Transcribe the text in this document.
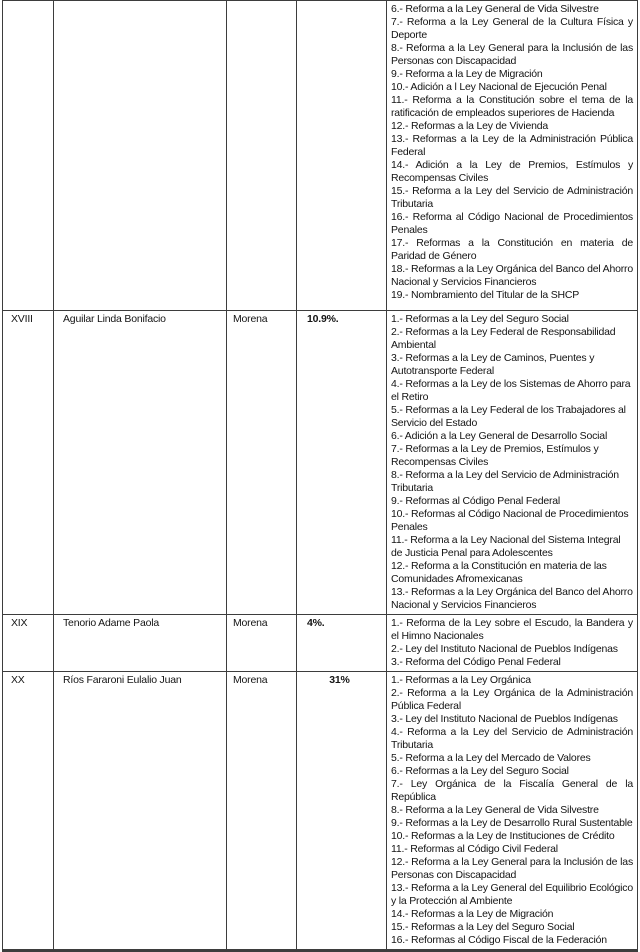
6.- Reforma a la Ley General de Vida Silvestre
7.- Reforma a la Ley General de la Cultura Física y Deporte
8.- Reforma a la Ley General para la Inclusión de las Personas con Discapacidad
9.- Reforma a la Ley de Migración
10.- Adición a l Ley Nacional de Ejecución Penal
11.- Reforma a la Constitución sobre el tema de la ratificación de empleados superiores de Hacienda
12.- Reformas a la Ley de Vivienda
13.- Reformas a la Ley de la Administración Pública Federal
14.- Adición a la Ley de Premios, Estímulos y Recompensas Civiles
15.- Reforma a la Ley del Servicio de Administración Tributaria
16.- Reforma al Código Nacional de Procedimientos Penales
17.- Reformas a la Constitución en materia de Paridad de Género
18.- Reformas a la Ley Orgánica del Banco del Ahorro Nacional y Servicios Financieros
19.- Nombramiento del Titular de la SHCP

XVIII	Aguilar Linda Bonifacio	Morena	10.9%.	1.- Reformas a la Ley del Seguro Social
2.- Reformas a la Ley Federal de Responsabilidad Ambiental
3.- Reformas a la Ley de Caminos, Puentes y Autotransporte Federal
4.- Reformas a la Ley de los Sistemas de Ahorro para el Retiro
5.- Reformas a la Ley Federal de los Trabajadores al Servicio del Estado
6.- Adición a la Ley General de Desarrollo Social
7.- Reformas a la Ley de Premios, Estímulos y Recompensas Civiles
8.- Reforma a la Ley del Servicio de Administración Tributaria
9.- Reformas al Código Penal Federal
10.- Reformas al Código Nacional de Procedimientos Penales
11.- Reforma a la Ley Nacional del Sistema Integral de Justicia Penal para Adolescentes
12.- Reforma a la Constitución en materia de las Comunidades Afromexicanas
13.- Reformas a la Ley Orgánica del Banco del Ahorro Nacional y Servicios Financieros

XIX	Tenorio Adame Paola	Morena	4%.	1.- Reforma de la Ley sobre el Escudo, la Bandera y el Himno Nacionales
2.- Ley del Instituto Nacional de Pueblos Indígenas
3.- Reforma del Código Penal Federal

XX	Ríos Fararoni Eulalio Juan	Morena	31%	1.- Reformas a la Ley Orgánica
2.- Reforma a la Ley Orgánica de la Administración Pública Federal
3.- Ley del Instituto Nacional de Pueblos Indígenas
4.- Reforma a la Ley del Servicio de Administración Tributaria
5.- Reforma a la Ley del Mercado de Valores
6.- Reformas a la Ley del Seguro Social
7.- Ley Orgánica de la Fiscalía General de la República
8.- Reforma a la Ley General de Vida Silvestre
9.- Reformas a la Ley de Desarrollo Rural Sustentable
10.- Reformas a la Ley de Instituciones de Crédito
11.- Reformas al Código Civil Federal
12.- Reforma a la Ley General para la Inclusión de las Personas con Discapacidad
13.- Reforma a la Ley General del Equilibrio Ecológico y la Protección al Ambiente
14.- Reformas a la Ley de Migración
15.- Reformas a la Ley del Seguro Social
16.- Reformas al Código Fiscal de la Federación
